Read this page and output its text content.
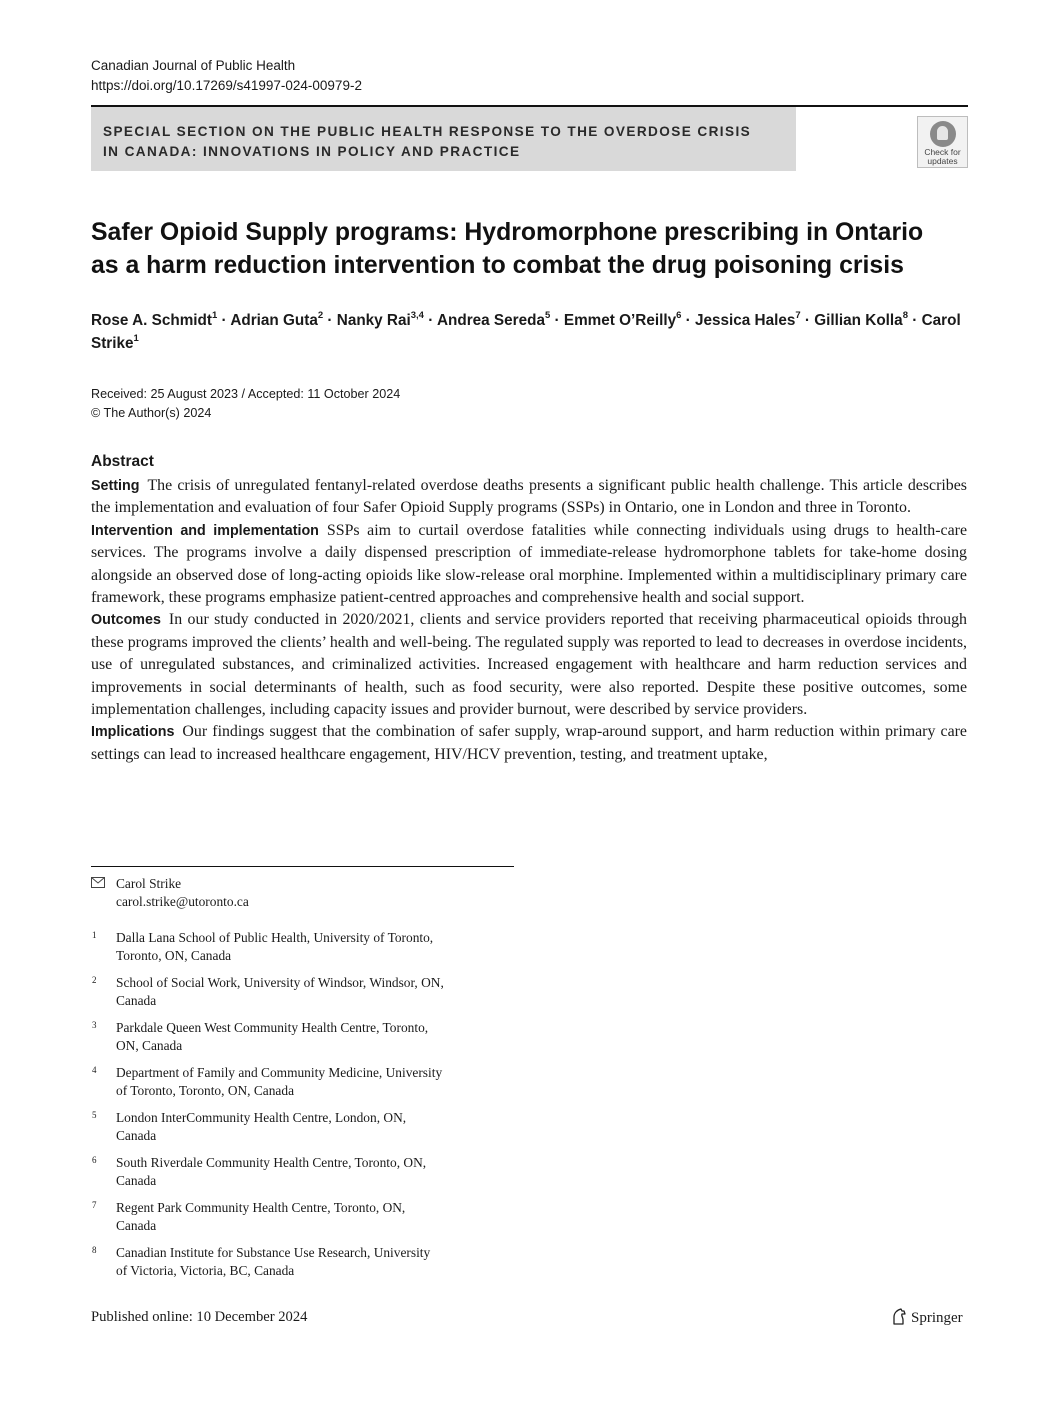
Canadian Journal of Public Health
https://doi.org/10.17269/s41997-024-00979-2
SPECIAL SECTION ON THE PUBLIC HEALTH RESPONSE TO THE OVERDOSE CRISIS
IN CANADA: INNOVATIONS IN POLICY AND PRACTICE	Check for
updates
Safer Opioid Supply programs: Hydromorphone prescribing in Ontario
as a harm reduction intervention to combat the drug poisoning crisis
Rose A. Schmidt$^1$ · Adrian Guta$^2$ · Nanky Rai$^{3,4}$ · Andrea Sereda$^5$ · Emmet O’Reilly$^6$ · Jessica Hales$^7$ · Gillian Kolla$^8$ · Carol Strike$^1$
Received: 25 August 2023 / Accepted: 11 October 2024
© The Author(s) 2024
Abstract

Setting The crisis of unregulated fentanyl-related overdose deaths presents a significant public health challenge. This article describes the implementation and evaluation of four Safer Opioid Supply programs (SSPs) in Ontario, one in London and three in Toronto.

Intervention and implementation SSPs aim to curtail overdose fatalities while connecting individuals using drugs to health-care services. The programs involve a daily dispensed prescription of immediate-release hydromorphone tablets for take-home dosing alongside an observed dose of long-acting opioids like slow-release oral morphine. Implemented within a multidisciplinary primary care framework, these programs emphasize patient-centred approaches and comprehensive health and social support.

Outcomes In our study conducted in 2020/2021, clients and service providers reported that receiving pharmaceutical opioids through these programs improved the clients’ health and well-being. The regulated supply was reported to lead to decreases in overdose incidents, use of unregulated substances, and criminalized activities. Increased engagement with healthcare and harm reduction services and improvements in social determinants of health, such as food security, were also reported. Despite these positive outcomes, some implementation challenges, including capacity issues and provider burnout, were described by service providers.

Implications Our findings suggest that the combination of safer supply, wrap-around support, and harm reduction within primary care settings can lead to increased healthcare engagement, HIV/HCV prevention, testing, and treatment uptake,

Carol Strike
carol.strike@utoronto.ca
1 Dalla Lana School of Public Health, University of Toronto,
Toronto, ON, Canada
2 School of Social Work, University of Windsor, Windsor, ON,
Canada
3 Parkdale Queen West Community Health Centre, Toronto,
ON, Canada
4 Department of Family and Community Medicine, University
of Toronto, Toronto, ON, Canada
5 London InterCommunity Health Centre, London, ON,
Canada
6 South Riverdale Community Health Centre, Toronto, ON,
Canada
7 Regent Park Community Health Centre, Toronto, ON,
Canada
8 Canadian Institute for Substance Use Research, University
of Victoria, Victoria, BC, Canada
Published online: 10 December 2024	Springer
